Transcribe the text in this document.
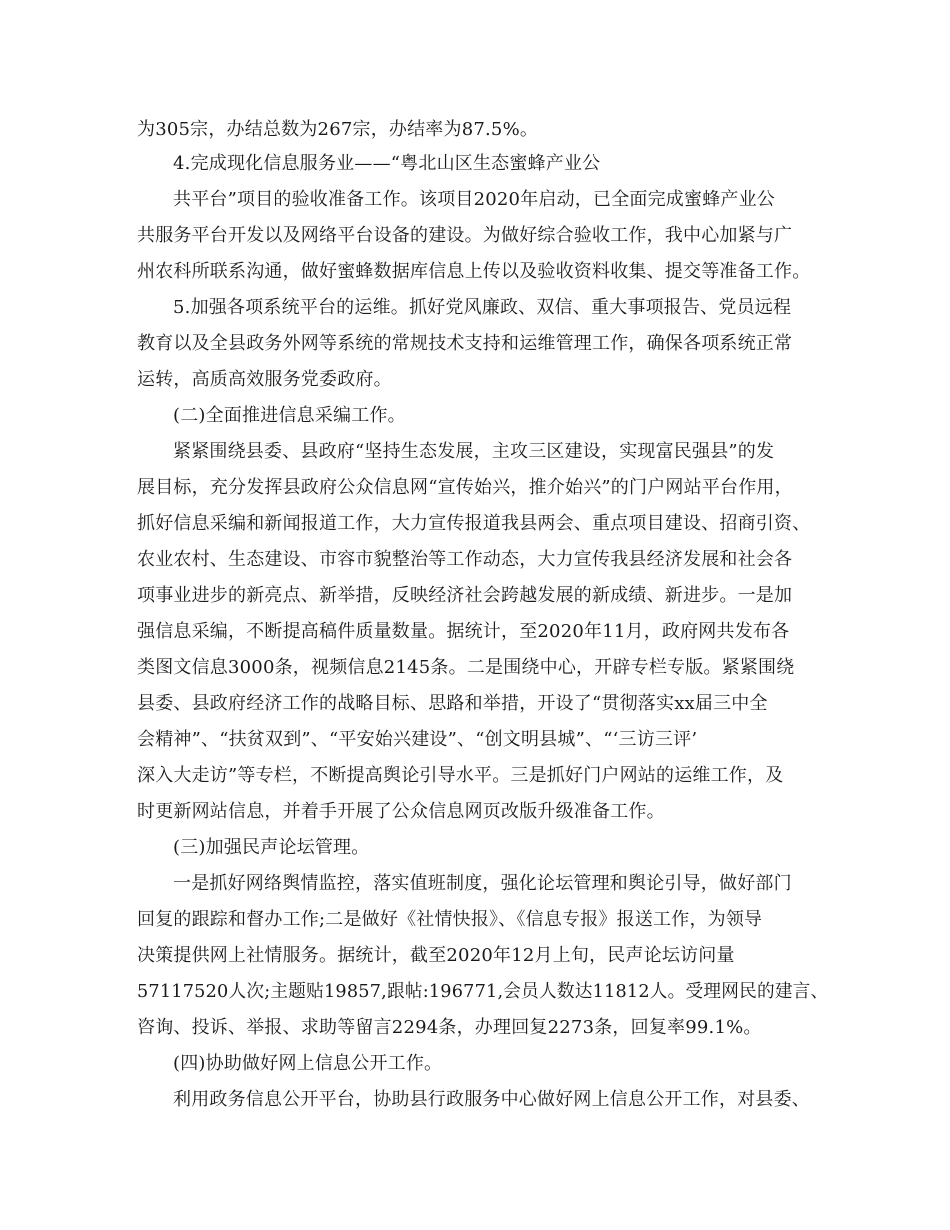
为305宗，办结总数为267宗，办结率为87.5%。
4.完成现化信息服务业——“粤北山区生态蜜蜂产业公
共平台”项目的验收准备工作。该项目2020年启动，已全面完成蜜蜂产业公
共服务平台开发以及网络平台设备的建设。为做好综合验收工作，我中心加紧与广
州农科所联系沟通，做好蜜蜂数据库信息上传以及验收资料收集、提交等准备工作。
5.加强各项系统平台的运维。抓好党风廉政、双信、重大事项报告、党员远程
教育以及全县政务外网等系统的常规技术支持和运维管理工作，确保各项系统正常
运转，高质高效服务党委政府。
(二)全面推进信息采编工作。
紧紧围绕县委、县政府“坚持生态发展，主攻三区建设，实现富民强县”的发
展目标，充分发挥县政府公众信息网“宣传始兴，推介始兴”的门户网站平台作用，
抓好信息采编和新闻报道工作，大力宣传报道我县两会、重点项目建设、招商引资、
农业农村、生态建设、市容市貌整治等工作动态，大力宣传我县经济发展和社会各
项事业进步的新亮点、新举措，反映经济社会跨越发展的新成绩、新进步。一是加
强信息采编，不断提高稿件质量数量。据统计，至2020年11月，政府网共发布各
类图文信息3000条，视频信息2145条。二是围绕中心，开辟专栏专版。紧紧围绕
县委、县政府经济工作的战略目标、思路和举措，开设了“贯彻落实xx届三中全
会精神”、“扶贫双到”、“平安始兴建设”、“创文明县城”、“‘三访三评’
深入大走访”等专栏，不断提高舆论引导水平。三是抓好门户网站的运维工作，及
时更新网站信息，并着手开展了公众信息网页改版升级准备工作。
(三)加强民声论坛管理。
一是抓好网络舆情监控，落实值班制度，强化论坛管理和舆论引导，做好部门
回复的跟踪和督办工作;二是做好《社情快报》、《信息专报》报送工作，为领导
决策提供网上社情服务。据统计，截至2020年12月上旬，民声论坛访问量
57117520人次;主题贴19857,跟帖:196771,会员人数达11812人。受理网民的建言、
咨询、投诉、举报、求助等留言2294条，办理回复2273条，回复率99.1%。
(四)协助做好网上信息公开工作。
利用政务信息公开平台，协助县行政服务中心做好网上信息公开工作，对县委、
